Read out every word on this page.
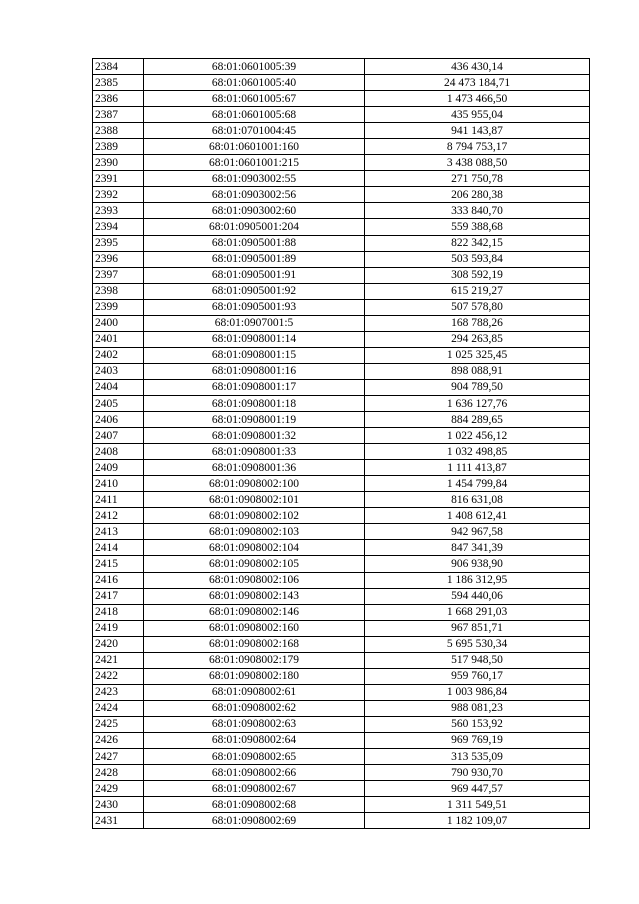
2384	68:01:0601005:39	436 430,14
2385	68:01:0601005:40	24 473 184,71
2386	68:01:0601005:67	1 473 466,50
2387	68:01:0601005:68	435 955,04
2388	68:01:0701004:45	941 143,87
2389	68:01:0601001:160	8 794 753,17
2390	68:01:0601001:215	3 438 088,50
2391	68:01:0903002:55	271 750,78
2392	68:01:0903002:56	206 280,38
2393	68:01:0903002:60	333 840,70
2394	68:01:0905001:204	559 388,68
2395	68:01:0905001:88	822 342,15
2396	68:01:0905001:89	503 593,84
2397	68:01:0905001:91	308 592,19
2398	68:01:0905001:92	615 219,27
2399	68:01:0905001:93	507 578,80
2400	68:01:0907001:5	168 788,26
2401	68:01:0908001:14	294 263,85
2402	68:01:0908001:15	1 025 325,45
2403	68:01:0908001:16	898 088,91
2404	68:01:0908001:17	904 789,50
2405	68:01:0908001:18	1 636 127,76
2406	68:01:0908001:19	884 289,65
2407	68:01:0908001:32	1 022 456,12
2408	68:01:0908001:33	1 032 498,85
2409	68:01:0908001:36	1 111 413,87
2410	68:01:0908002:100	1 454 799,84
2411	68:01:0908002:101	816 631,08
2412	68:01:0908002:102	1 408 612,41
2413	68:01:0908002:103	942 967,58
2414	68:01:0908002:104	847 341,39
2415	68:01:0908002:105	906 938,90
2416	68:01:0908002:106	1 186 312,95
2417	68:01:0908002:143	594 440,06
2418	68:01:0908002:146	1 668 291,03
2419	68:01:0908002:160	967 851,71
2420	68:01:0908002:168	5 695 530,34
2421	68:01:0908002:179	517 948,50
2422	68:01:0908002:180	959 760,17
2423	68:01:0908002:61	1 003 986,84
2424	68:01:0908002:62	988 081,23
2425	68:01:0908002:63	560 153,92
2426	68:01:0908002:64	969 769,19
2427	68:01:0908002:65	313 535,09
2428	68:01:0908002:66	790 930,70
2429	68:01:0908002:67	969 447,57
2430	68:01:0908002:68	1 311 549,51
2431	68:01:0908002:69	1 182 109,07
